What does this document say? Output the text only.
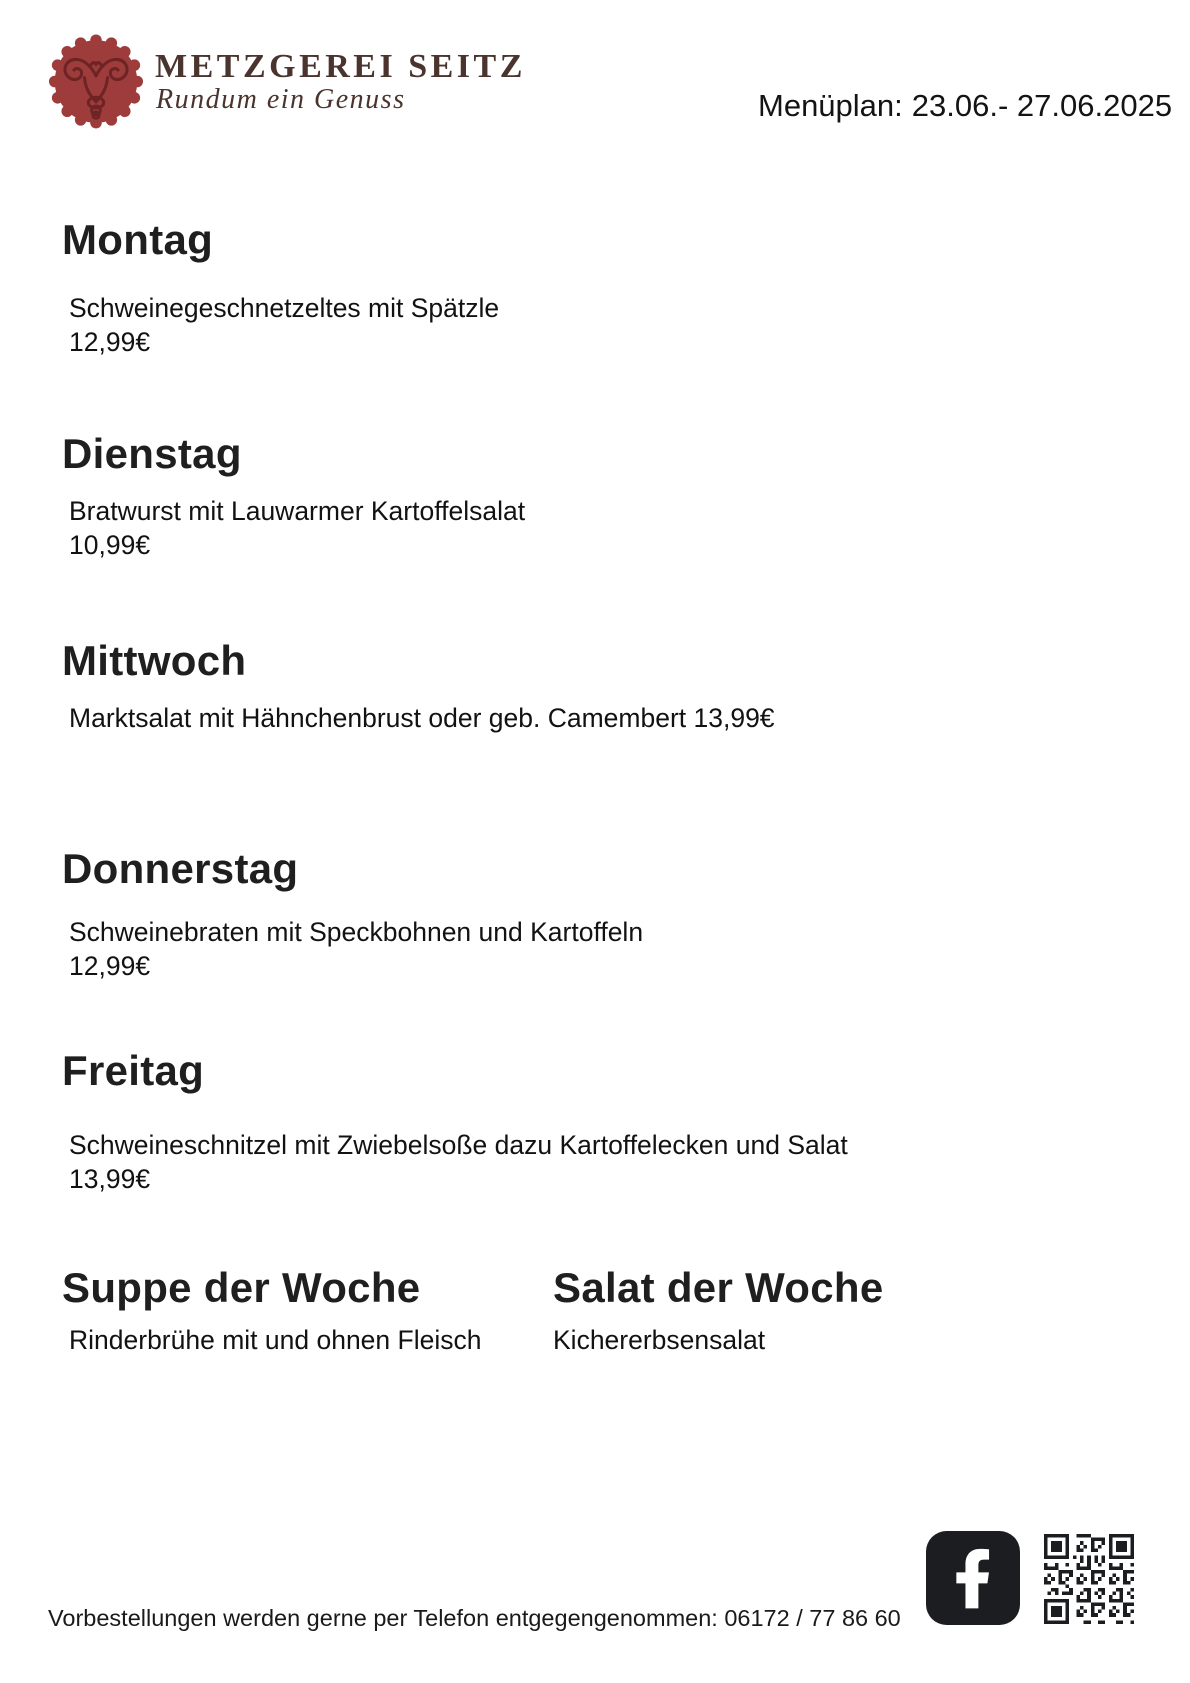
METZGEREI SEITZ
Rundum ein Genuss	Menüplan: 23.06.- 27.06.2025
Montag

Schweinegeschnetzeltes mit Spätzle
12,99€

Dienstag

Bratwurst mit Lauwarmer Kartoffelsalat
10,99€

Mittwoch

Marktsalat mit Hähnchenbrust oder geb. Camembert 13,99€

Donnerstag

Schweinebraten mit Speckbohnen und Kartoffeln
12,99€

Freitag

Schweineschnitzel mit Zwiebelsoße dazu Kartoffelecken und Salat
13,99€

Suppe der Woche

Rinderbrühe mit und ohnen Fleisch

Salat der Woche

Kichererbsensalat

Vorbestellungen werden gerne per Telefon entgegengenommen: 06172 / 77 86 60
